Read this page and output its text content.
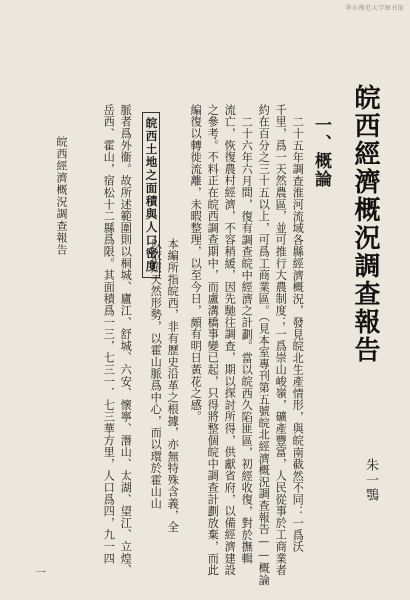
华东师范大学图书馆
皖西經濟概況調查報告
朱一鶚
一、概論
二十五年調查淮河流域各縣經濟概況，發見皖北生產情形，與皖南截然不同：一爲沃
千里，爲一天然農區，並可推行大農制度；一爲崇山峻嶺，礦產豐富，人民從事於工商業者
約在百分之三十五以上，可爲工商業區。（見本室專刊第五號皖北經濟概況調查報告——概論
二十六年六月間，復有調查皖中經濟之計劃。當以皖西久陷匪區，初經收復，對於撫輯
流亡，恢復農村經濟，不容稍緩，因先馳往調查，期以探討所得，供獻省府，以備經濟建設
之參考。不料正在皖西調查期中，而盧溝橋事變已起，只得將整個皖中調查計劃放棄，而此
編復以轉徙流離，未暇整理，以至今日，頗有明日黃花之感。
皖西土地之面積與人口密度
本編所指皖西，非有歷史沿革之根據，亦無特殊含義，全
以依照天然形勢，以霍山脈爲中心，而以環於霍山山
脈者爲外衞。故所述範圍則以桐城、廬江、舒城、六安、懷寧、潛山、太湖、望江、立煌、
岳西、霍山，宿松十二縣爲限。其面積爲一三，七三一．七三華方里，人口爲四，九一四
皖西經濟概況調查報告
一
